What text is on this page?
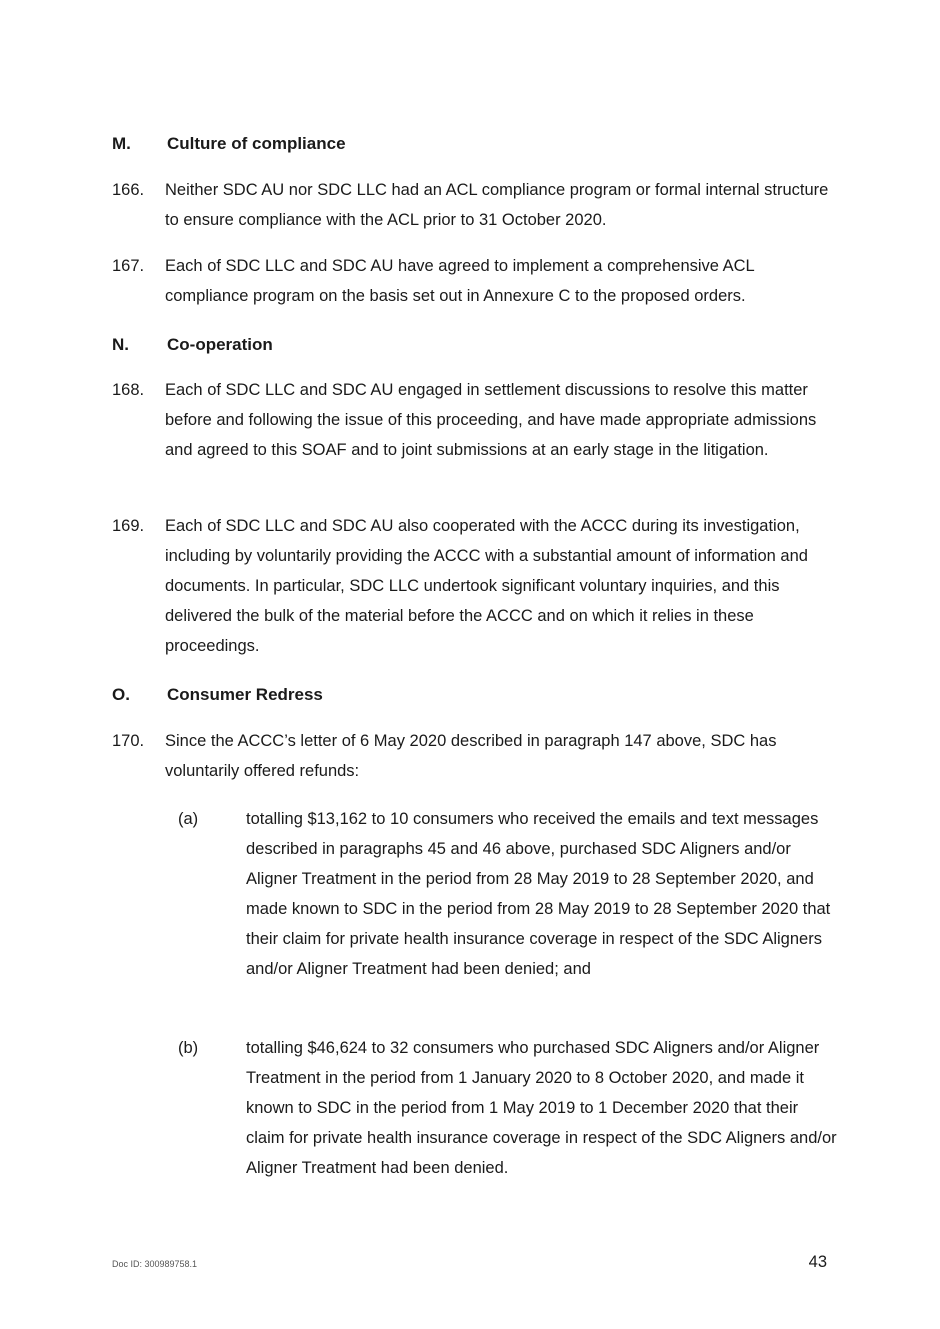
M. Culture of compliance
166. Neither SDC AU nor SDC LLC had an ACL compliance program or formal internal structure to ensure compliance with the ACL prior to 31 October 2020.
167. Each of SDC LLC and SDC AU have agreed to implement a comprehensive ACL compliance program on the basis set out in Annexure C to the proposed orders.
N. Co-operation
168. Each of SDC LLC and SDC AU engaged in settlement discussions to resolve this matter before and following the issue of this proceeding, and have made appropriate admissions and agreed to this SOAF and to joint submissions at an early stage in the litigation.
169. Each of SDC LLC and SDC AU also cooperated with the ACCC during its investigation, including by voluntarily providing the ACCC with a substantial amount of information and documents. In particular, SDC LLC undertook significant voluntary inquiries, and this delivered the bulk of the material before the ACCC and on which it relies in these proceedings.
O. Consumer Redress
170. Since the ACCC’s letter of 6 May 2020 described in paragraph 147 above, SDC has voluntarily offered refunds:
(a)	totalling $13,162 to 10 consumers who received the emails and text messages described in paragraphs 45 and 46 above, purchased SDC Aligners and/or Aligner Treatment in the period from 28 May 2019 to 28 September 2020, and made known to SDC in the period from 28 May 2019 to 28 September 2020 that their claim for private health insurance coverage in respect of the SDC Aligners and/or Aligner Treatment had been denied; and
(b)	totalling $46,624 to 32 consumers who purchased SDC Aligners and/or Aligner Treatment in the period from 1 January 2020 to 8 October 2020, and made it known to SDC in the period from 1 May 2019 to 1 December 2020 that their claim for private health insurance coverage in respect of the SDC Aligners and/or Aligner Treatment had been denied.
Doc ID: 300989758.1	43
